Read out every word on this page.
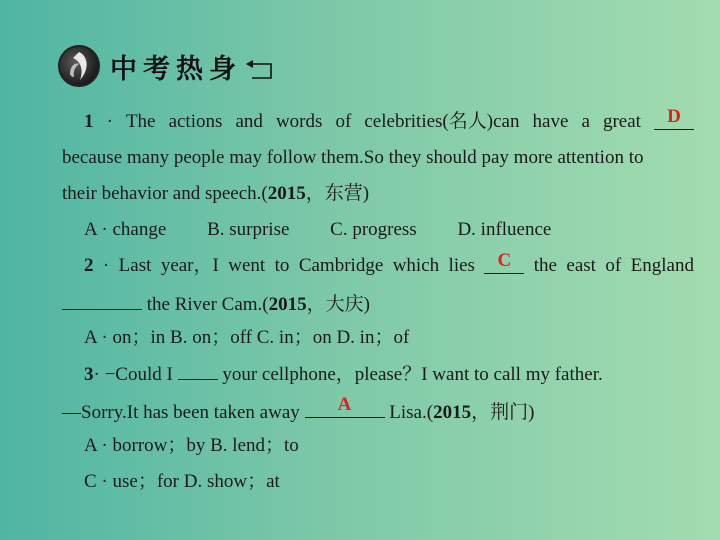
中考热身
1 · The actions and words of celebrities(名人)can have a great	D
because many people may follow them.So they should pay more attention to
their behavior and speech.(2015，东营)
A · change B. surprise C. progress D. influence
2 · Last year，I went to Cambridge which lies	C	the east of England
the River Cam.(2015，大庆)
A · on；in B. on；off C. in；on D. in；of
3· −Could I  your cellphone，please？I want to call my father.
—Sorry.It has been taken away	A	Lisa.(2015，荆门)
A · borrow；by B. lend；to
C · use；for D. show；at
